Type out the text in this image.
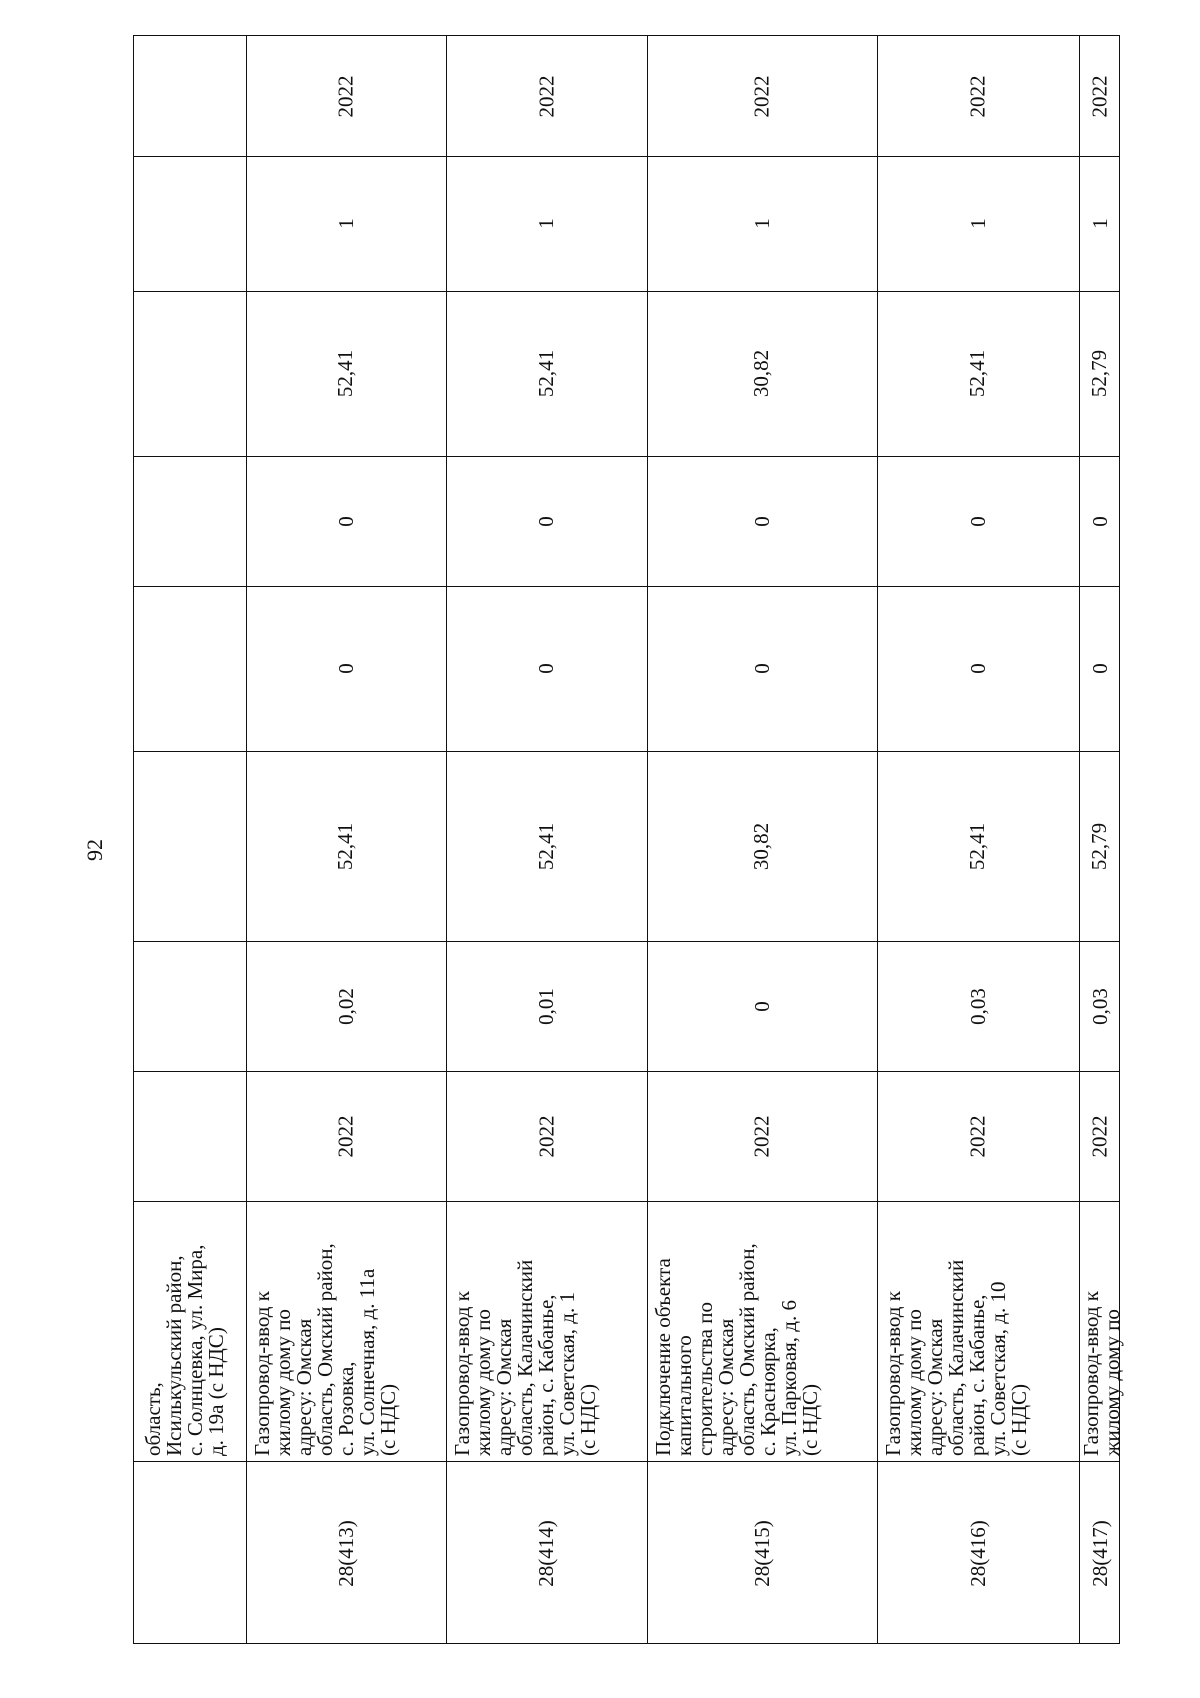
92
область,
Исилькульский район,
с. Солнцевка, ул. Мира,
д. 19а (с НДС)
28(413)
Газопровод-ввод к
жилому дому по
адресу: Омская
область, Омский район,
с. Розовка,
ул. Солнечная, д. 11а
(с НДС)
2022
0,02
52,41
0
0
52,41
1
2022
28(414)
Газопровод-ввод к
жилому дому по
адресу: Омская
область, Калачинский
район, с. Кабанье,
ул. Советская, д. 1
(с НДС)
2022
0,01
52,41
0
0
52,41
1
2022
28(415)
Подключение объекта
капитального
строительства по
адресу: Омская
область, Омский район,
с. Красноярка,
ул. Парковая, д. 6
(с НДС)
2022
0
30,82
0
0
30,82
1
2022
28(416)
Газопровод-ввод к
жилому дому по
адресу: Омская
область, Калачинский
район, с. Кабанье,
ул. Советская, д. 10
(с НДС)
2022
0,03
52,41
0
0
52,41
1
2022
28(417)
Газопровод-ввод к
жилому дому по
2022
0,03
52,79
0
0
52,79
1
2022
